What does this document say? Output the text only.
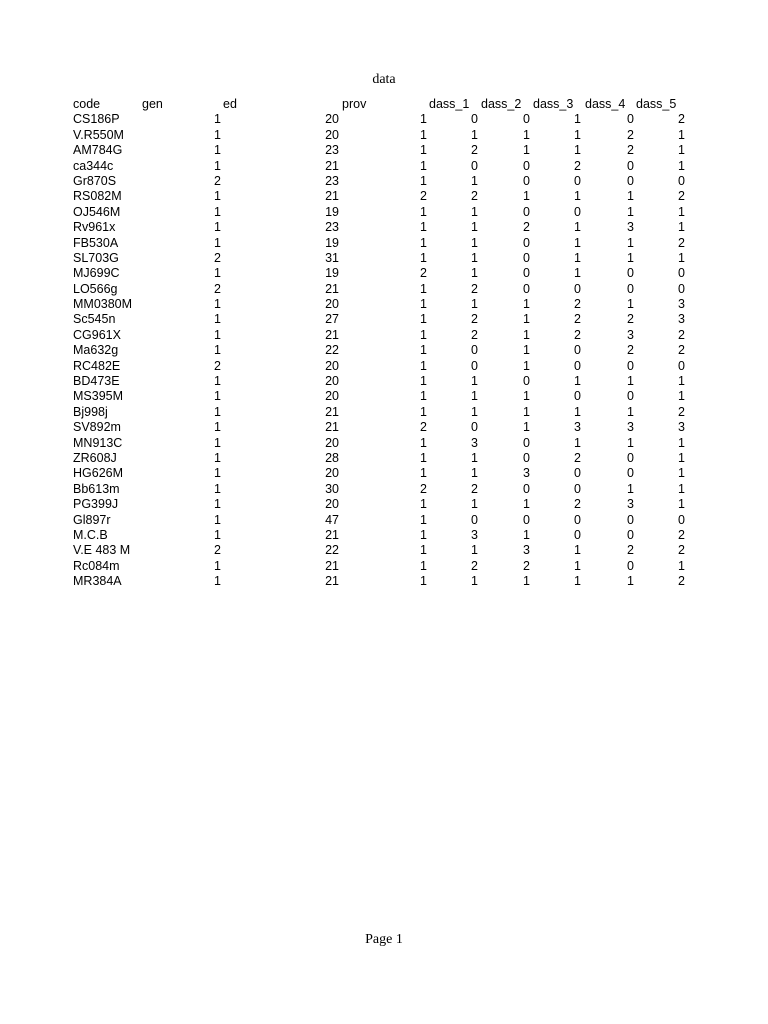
data
code	gen	ed	prov	dass_1 dass_2 dass_3 dass_4 dass_5
CS186P	1	20	1	0	0	1	0	2
V.R550M	1	20	1	1	1	1	2	1
AM784G	1	23	1	2	1	1	2	1
ca344c	1	21	1	0	0	2	0	1
Gr870S	2	23	1	1	0	0	0	0
RS082M	1	21	2	2	1	1	1	2
OJ546M	1	19	1	1	0	0	1	1
Rv961x	1	23	1	1	2	1	3	1
FB530A	1	19	1	1	0	1	1	2
SL703G	2	31	1	1	0	1	1	1
MJ699C	1	19	2	1	0	1	0	0
LO566g	2	21	1	2	0	0	0	0
MM0380M	1	20	1	1	1	2	1	3
Sc545n	1	27	1	2	1	2	2	3
CG961X	1	21	1	2	1	2	3	2
Ma632g	1	22	1	0	1	0	2	2
RC482E	2	20	1	0	1	0	0	0
BD473E	1	20	1	1	0	1	1	1
MS395M	1	20	1	1	1	0	0	1
Bj998j	1	21	1	1	1	1	1	2
SV892m	1	21	2	0	1	3	3	3
MN913C	1	20	1	3	0	1	1	1
ZR608J	1	28	1	1	0	2	0	1
HG626M	1	20	1	1	3	0	0	1
Bb613m	1	30	2	2	0	0	1	1
PG399J	1	20	1	1	1	2	3	1
Gl897r	1	47	1	0	0	0	0	0
M.C.B	1	21	1	3	1	0	0	2
V.E 483 M	2	22	1	1	3	1	2	2
Rc084m	1	21	1	2	2	1	0	1
MR384A	1	21	1	1	1	1	1	2
Page 1
